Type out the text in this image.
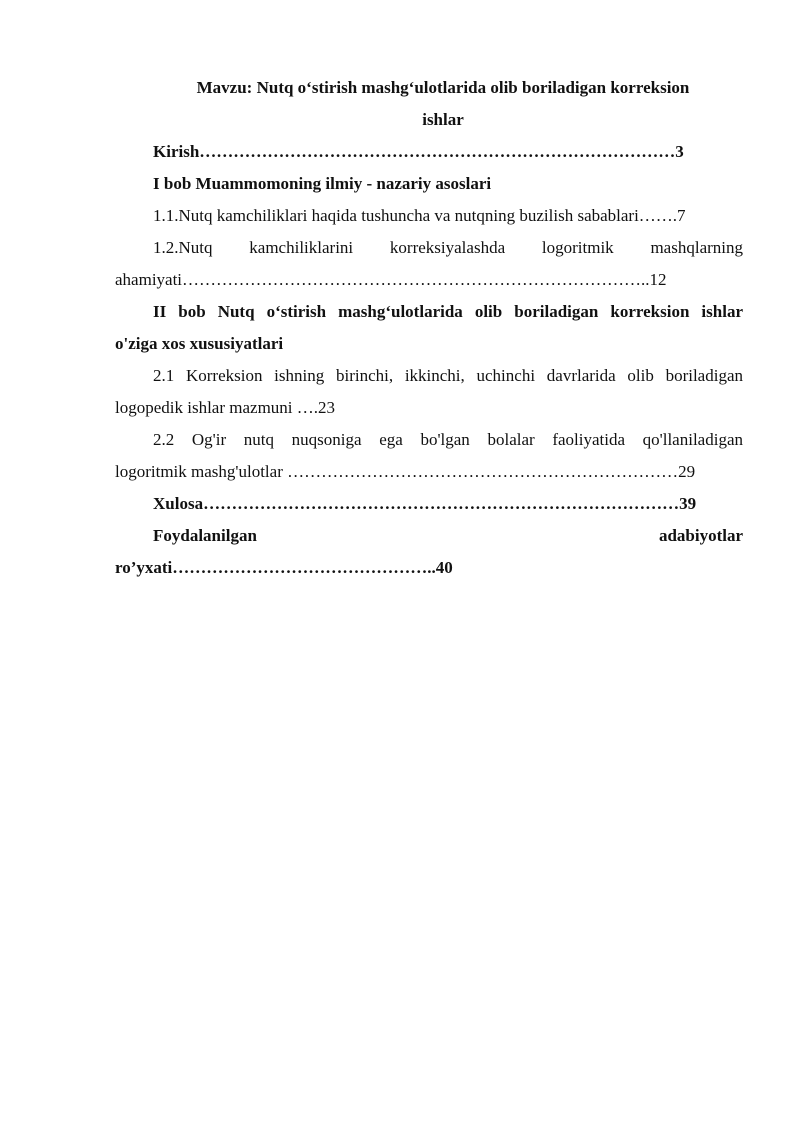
Mavzu: Nutq o‘stirish mashg‘ulotlarida olib boriladigan korreksion
ishlar
Kirish…………………………………………………………………………3
I bob Muammomoning ilmiy - nazariy asoslari
1.1.Nutq kamchiliklari haqida tushuncha va nutqning buzilish sabablari…….7
1.2.Nutq kamchiliklarini korreksiyalashda logoritmik mashqlarning
ahamiyati………………………………………………………………………..12
II bob Nutq o‘stirish mashg‘ulotlarida olib boriladigan korreksion ishlar
o'ziga xos xususiyatlari
2.1 Korreksion ishning birinchi, ikkinchi, uchinchi davrlarida olib boriladigan
logopedik ishlar mazmuni ….23
2.2 Og'ir nutq nuqsoniga ega bo'lgan bolalar faoliyatida qo'llaniladigan
logoritmik mashg'ulotlar ……………………………………………………………29
Xulosa…………………………………………………………………………39
Foydalanilgan	adabiyotlar
ro’yxati………………………………………..40
